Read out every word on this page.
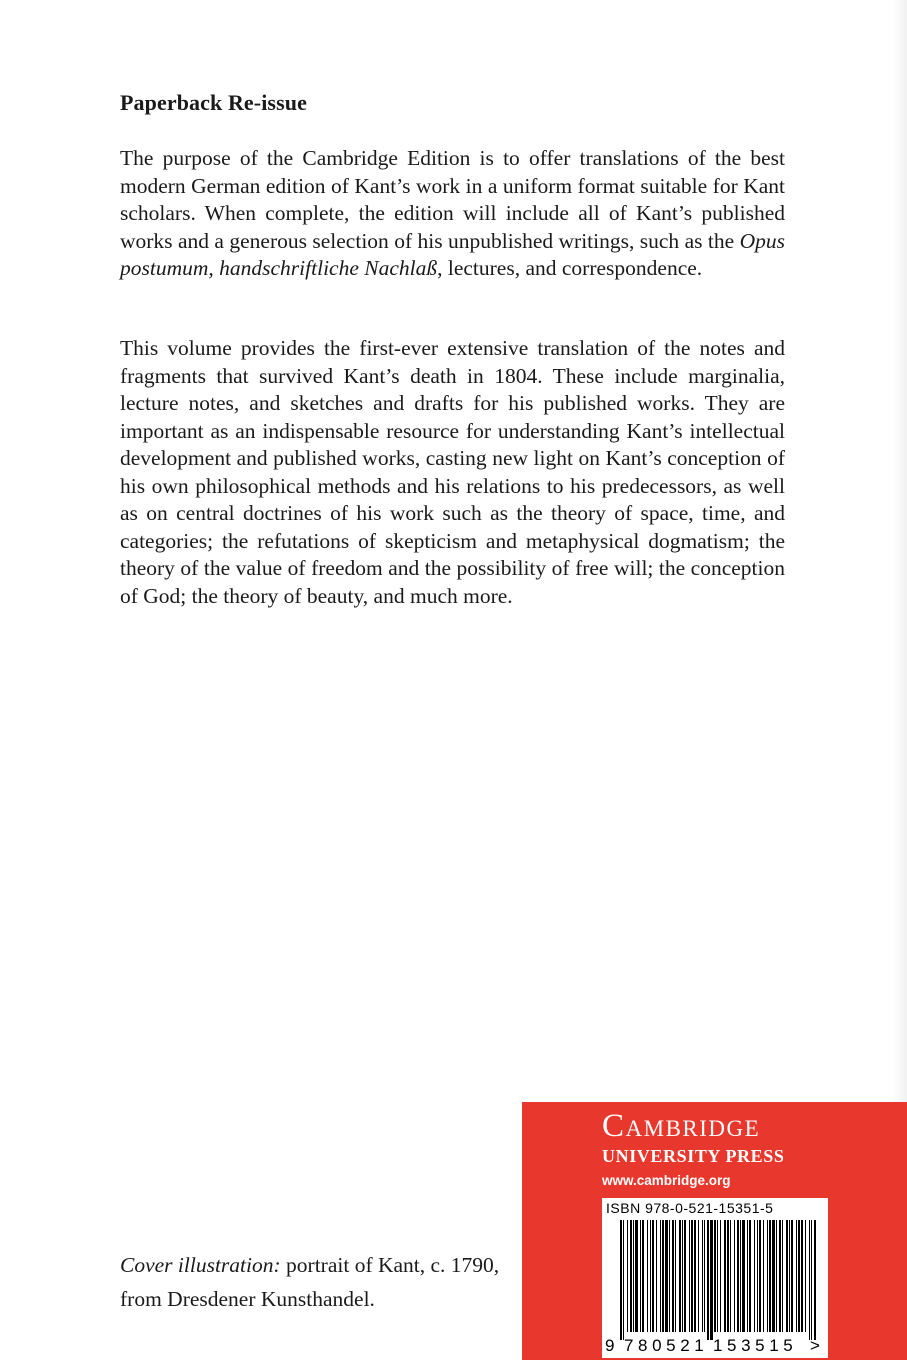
Paperback Re-issue

The purpose of the Cambridge Edition is to offer translations of the best modern German edition of Kant’s work in a uniform format suitable for Kant scholars. When complete, the edition will include all of Kant’s published works and a generous selection of his unpublished writings, such as the Opus postumum, handschriftliche Nachlaß, lectures, and correspondence.

This volume provides the first-ever extensive translation of the notes and fragments that survived Kant’s death in 1804. These include marginalia, lecture notes, and sketches and drafts for his published works. They are important as an indispensable resource for understanding Kant’s intellectual development and published works, casting new light on Kant’s conception of his own philosophical methods and his relations to his predecessors, as well as on central doctrines of his work such as the theory of space, time, and categories; the refutations of skepticism and metaphysical dogmatism; the theory of the value of freedom and the possibility of free will; the conception of God; the theory of beauty, and much more.

Cover illustration: portrait of Kant, c. 1790, from Dresdener Kunsthandel.

Cambridge
UNIVERSITY PRESS
www.cambridge.org
ISBN 978-0-521-15351-5
9 780521 153515 >
